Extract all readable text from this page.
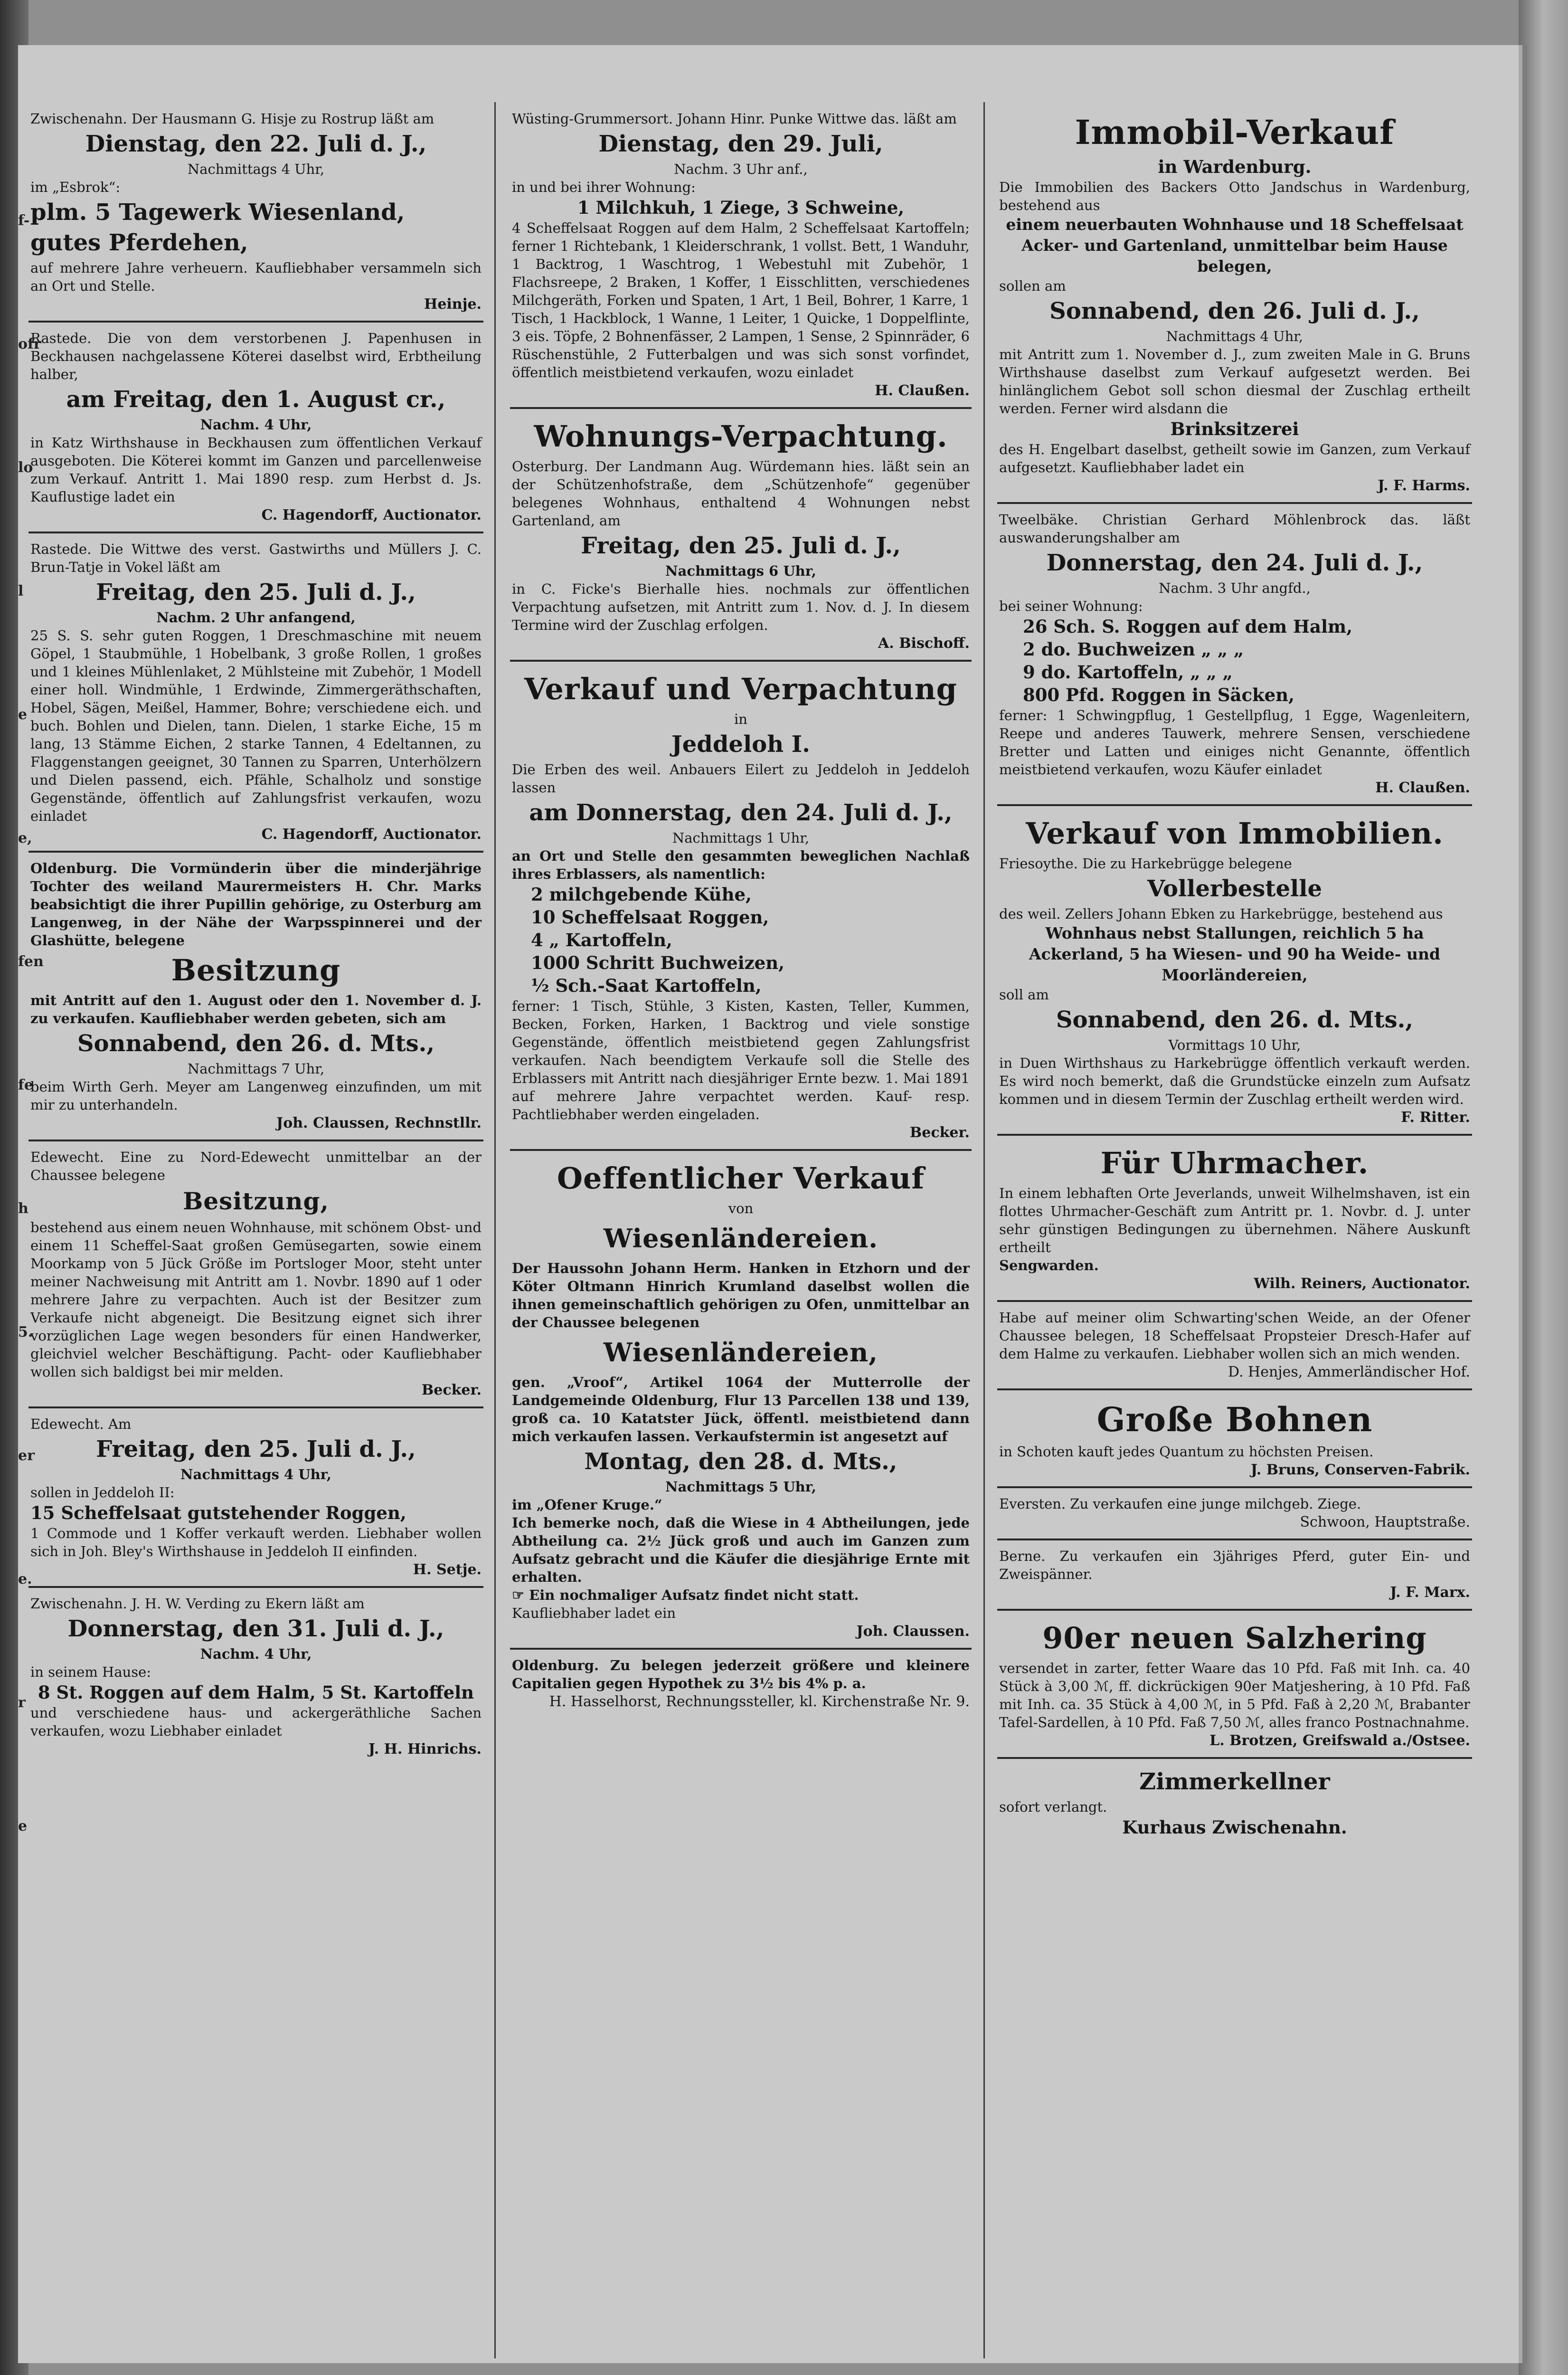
f-
ofr
lo
l
e
e,
fen
fe
h
5.
er
e.
r
e

Zwischenahn. Der Hausmann G. Hisje zu Rostrup läßt am

Dienstag, den 22. Juli d. J.,

Nachmittags 4 Uhr,

im „Esbrok“:

plm. 5 Tagewerk Wiesenland, gutes Pferdehen,

auf mehrere Jahre verheuern. Kaufliebhaber versammeln sich an Ort und Stelle.

Heinje.

Rastede. Die von dem verstorbenen J. Papenhusen in Beckhausen nachgelassene Köterei daselbst wird, Erbtheilung halber,

am Freitag, den 1. August cr.,

Nachm. 4 Uhr,

in Katz Wirthshause in Beckhausen zum öffentlichen Verkauf ausgeboten. Die Köterei kommt im Ganzen und parcellenweise zum Verkauf. Antritt 1. Mai 1890 resp. zum Herbst d. Js. Kauflustige ladet ein

C. Hagendorff, Auctionator.

Rastede. Die Wittwe des verst. Gastwirths und Müllers J. C. Brun-Tatje in Vokel läßt am

Freitag, den 25. Juli d. J.,

Nachm. 2 Uhr anfangend,

25 S. S. sehr guten Roggen, 1 Dreschmaschine mit neuem Göpel, 1 Staubmühle, 1 Hobelbank, 3 große Rollen, 1 großes und 1 kleines Mühlenlaket, 2 Mühlsteine mit Zubehör, 1 Modell einer holl. Windmühle, 1 Erdwinde, Zimmergeräthschaften, Hobel, Sägen, Meißel, Hammer, Bohre; verschiedene eich. und buch. Bohlen und Dielen, tann. Dielen, 1 starke Eiche, 15 m lang, 13 Stämme Eichen, 2 starke Tannen, 4 Edeltannen, zu Flaggenstangen geeignet, 30 Tannen zu Sparren, Unterhölzern und Dielen passend, eich. Pfähle, Schalholz und sonstige Gegenstände, öffentlich auf Zahlungsfrist verkaufen, wozu einladet

C. Hagendorff, Auctionator.

Oldenburg. Die Vormünderin über die minderjährige Tochter des weiland Maurermeisters H. Chr. Marks beabsichtigt die ihrer Pupillin gehörige, zu Osterburg am Langenweg, in der Nähe der Warpsspinnerei und der Glashütte, belegene

Besitzung

mit Antritt auf den 1. August oder den 1. November d. J. zu verkaufen. Kaufliebhaber werden gebeten, sich am

Sonnabend, den 26. d. Mts.,

Nachmittags 7 Uhr,

beim Wirth Gerh. Meyer am Langenweg einzufinden, um mit mir zu unterhandeln.

Joh. Claussen, Rechnstllr.

Edewecht. Eine zu Nord-Edewecht unmittelbar an der Chaussee belegene

Besitzung,

bestehend aus einem neuen Wohnhause, mit schönem Obst- und einem 11 Scheffel-Saat großen Gemüsegarten, sowie einem Moorkamp von 5 Jück Größe im Portsloger Moor, steht unter meiner Nachweisung mit Antritt am 1. Novbr. 1890 auf 1 oder mehrere Jahre zu verpachten. Auch ist der Besitzer zum Verkaufe nicht abgeneigt. Die Besitzung eignet sich ihrer vorzüglichen Lage wegen besonders für einen Handwerker, gleichviel welcher Beschäftigung. Pacht- oder Kaufliebhaber wollen sich baldigst bei mir melden.

Becker.

Edewecht. Am

Freitag, den 25. Juli d. J.,

Nachmittags 4 Uhr,

sollen in Jeddeloh II:

15 Scheffelsaat gutstehender Roggen,

1 Commode und 1 Koffer verkauft werden. Liebhaber wollen sich in Joh. Bley's Wirthshause in Jeddeloh II einfinden.

H. Setje.

Zwischenahn. J. H. W. Verding zu Ekern läßt am

Donnerstag, den 31. Juli d. J.,

Nachm. 4 Uhr,

in seinem Hause:

8 St. Roggen auf dem Halm, 5 St. Kartoffeln

und verschiedene haus- und ackergeräthliche Sachen verkaufen, wozu Liebhaber einladet

J. H. Hinrichs.

Wüsting-Grummersort. Johann Hinr. Punke Wittwe das. läßt am

Dienstag, den 29. Juli,

Nachm. 3 Uhr anf.,

in und bei ihrer Wohnung:

1 Milchkuh, 1 Ziege, 3 Schweine,

4 Scheffelsaat Roggen auf dem Halm, 2 Scheffelsaat Kartoffeln; ferner 1 Richtebank, 1 Kleiderschrank, 1 vollst. Bett, 1 Wanduhr, 1 Backtrog, 1 Waschtrog, 1 Webestuhl mit Zubehör, 1 Flachsreepe, 2 Braken, 1 Koffer, 1 Eisschlitten, verschiedenes Milchgeräth, Forken und Spaten, 1 Art, 1 Beil, Bohrer, 1 Karre, 1 Tisch, 1 Hackblock, 1 Wanne, 1 Leiter, 1 Quicke, 1 Doppelflinte, 3 eis. Töpfe, 2 Bohnenfässer, 2 Lampen, 1 Sense, 2 Spinnräder, 6 Rüschenstühle, 2 Futterbalgen und was sich sonst vorfindet, öffentlich meistbietend verkaufen, wozu einladet

H. Claußen.

Wohnungs-Verpachtung.

Osterburg. Der Landmann Aug. Würdemann hies. läßt sein an der Schützenhofstraße, dem „Schützenhofe“ gegenüber belegenes Wohnhaus, enthaltend 4 Wohnungen nebst Gartenland, am

Freitag, den 25. Juli d. J.,

Nachmittags 6 Uhr,

in C. Ficke's Bierhalle hies. nochmals zur öffentlichen Verpachtung aufsetzen, mit Antritt zum 1. Nov. d. J. In diesem Termine wird der Zuschlag erfolgen.

A. Bischoff.

Verkauf und Verpachtung

in

Jeddeloh I.

Die Erben des weil. Anbauers Eilert zu Jeddeloh in Jeddeloh lassen

am Donnerstag, den 24. Juli d. J.,

Nachmittags 1 Uhr,

an Ort und Stelle den gesammten beweglichen Nachlaß ihres Erblassers, als namentlich:

2 milchgebende Kühe,

10 Scheffelsaat Roggen,

4 „ Kartoffeln,

1000 Schritt Buchweizen,

½ Sch.-Saat Kartoffeln,

ferner: 1 Tisch, Stühle, 3 Kisten, Kasten, Teller, Kummen, Becken, Forken, Harken, 1 Backtrog und viele sonstige Gegenstände, öffentlich meistbietend gegen Zahlungsfrist verkaufen. Nach beendigtem Verkaufe soll die Stelle des Erblassers mit Antritt nach diesjähriger Ernte bezw. 1. Mai 1891 auf mehrere Jahre verpachtet werden. Kauf- resp. Pachtliebhaber werden eingeladen.

Becker.

Oeffentlicher Verkauf

von

Wiesenländereien.

Der Haussohn Johann Herm. Hanken in Etzhorn und der Köter Oltmann Hinrich Krumland daselbst wollen die ihnen gemeinschaftlich gehörigen zu Ofen, unmittelbar an der Chaussee belegenen

Wiesenländereien,

gen. „Vroof“, Artikel 1064 der Mutterrolle der Landgemeinde Oldenburg, Flur 13 Parcellen 138 und 139, groß ca. 10 Katatster Jück, öffentl. meistbietend dann mich verkaufen lassen. Verkaufstermin ist angesetzt auf

Montag, den 28. d. Mts.,

Nachmittags 5 Uhr,

im „Ofener Kruge.“

Ich bemerke noch, daß die Wiese in 4 Abtheilungen, jede Abtheilung ca. 2½ Jück groß und auch im Ganzen zum Aufsatz gebracht und die Käufer die diesjährige Ernte mit erhalten.

☞ Ein nochmaliger Aufsatz findet nicht statt.

Kaufliebhaber ladet ein

Joh. Claussen.

Oldenburg. Zu belegen jederzeit größere und kleinere Capitalien gegen Hypothek zu 3½ bis 4% p. a.

H. Hasselhorst, Rechnungssteller, kl. Kirchenstraße Nr. 9.

Immobil-Verkauf

in Wardenburg.

Die Immobilien des Backers Otto Jandschus in Wardenburg, bestehend aus

einem neuerbauten Wohnhause und 18 Scheffelsaat Acker- und Gartenland, unmittelbar beim Hause belegen,

sollen am

Sonnabend, den 26. Juli d. J.,

Nachmittags 4 Uhr,

mit Antritt zum 1. November d. J., zum zweiten Male in G. Bruns Wirthshause daselbst zum Verkauf aufgesetzt werden. Bei hinlänglichem Gebot soll schon diesmal der Zuschlag ertheilt werden. Ferner wird alsdann die

Brinksitzerei

des H. Engelbart daselbst, getheilt sowie im Ganzen, zum Verkauf aufgesetzt. Kaufliebhaber ladet ein

J. F. Harms.

Tweelbäke. Christian Gerhard Möhlenbrock das. läßt auswanderungshalber am

Donnerstag, den 24. Juli d. J.,

Nachm. 3 Uhr angfd.,

bei seiner Wohnung:

26 Sch. S. Roggen auf dem Halm,

2 do. Buchweizen „ „ „

9 do. Kartoffeln, „ „ „

800 Pfd. Roggen in Säcken,

ferner: 1 Schwingpflug, 1 Gestellpflug, 1 Egge, Wagenleitern, Reepe und anderes Tauwerk, mehrere Sensen, verschiedene Bretter und Latten und einiges nicht Genannte, öffentlich meistbietend verkaufen, wozu Käufer einladet

H. Claußen.

Verkauf von Immobilien.

Friesoythe. Die zu Harkebrügge belegene

Vollerbestelle

des weil. Zellers Johann Ebken zu Harkebrügge, bestehend aus

Wohnhaus nebst Stallungen, reichlich 5 ha Ackerland, 5 ha Wiesen- und 90 ha Weide- und Moorländereien,

soll am

Sonnabend, den 26. d. Mts.,

Vormittags 10 Uhr,

in Duen Wirthshaus zu Harkebrügge öffentlich verkauft werden. Es wird noch bemerkt, daß die Grundstücke einzeln zum Aufsatz kommen und in diesem Termin der Zuschlag ertheilt werden wird.

F. Ritter.

Für Uhrmacher.

In einem lebhaften Orte Jeverlands, unweit Wilhelmshaven, ist ein flottes Uhrmacher-Geschäft zum Antritt pr. 1. Novbr. d. J. unter sehr günstigen Bedingungen zu übernehmen. Nähere Auskunft ertheilt

Sengwarden.

Wilh. Reiners, Auctionator.

Habe auf meiner olim Schwarting'schen Weide, an der Ofener Chaussee belegen, 18 Scheffelsaat Propsteier Dresch-Hafer auf dem Halme zu verkaufen. Liebhaber wollen sich an mich wenden.

D. Henjes, Ammerländischer Hof.

Große Bohnen

in Schoten kauft jedes Quantum zu höchsten Preisen.

J. Bruns, Conserven-Fabrik.

Eversten. Zu verkaufen eine junge milchgeb. Ziege.

Schwoon, Hauptstraße.

Berne. Zu verkaufen ein 3jähriges Pferd, guter Ein- und Zweispänner.

J. F. Marx.

90er neuen Salzhering

versendet in zarter, fetter Waare das 10 Pfd. Faß mit Inh. ca. 40 Stück à 3,00 ℳ, ff. dickrückigen 90er Matjeshering, à 10 Pfd. Faß mit Inh. ca. 35 Stück à 4,00 ℳ, in 5 Pfd. Faß à 2,20 ℳ, Brabanter Tafel-Sardellen, à 10 Pfd. Faß 7,50 ℳ, alles franco Postnachnahme.

L. Brotzen, Greifswald a./Ostsee.

Zimmerkellner

sofort verlangt.

Kurhaus Zwischenahn.
